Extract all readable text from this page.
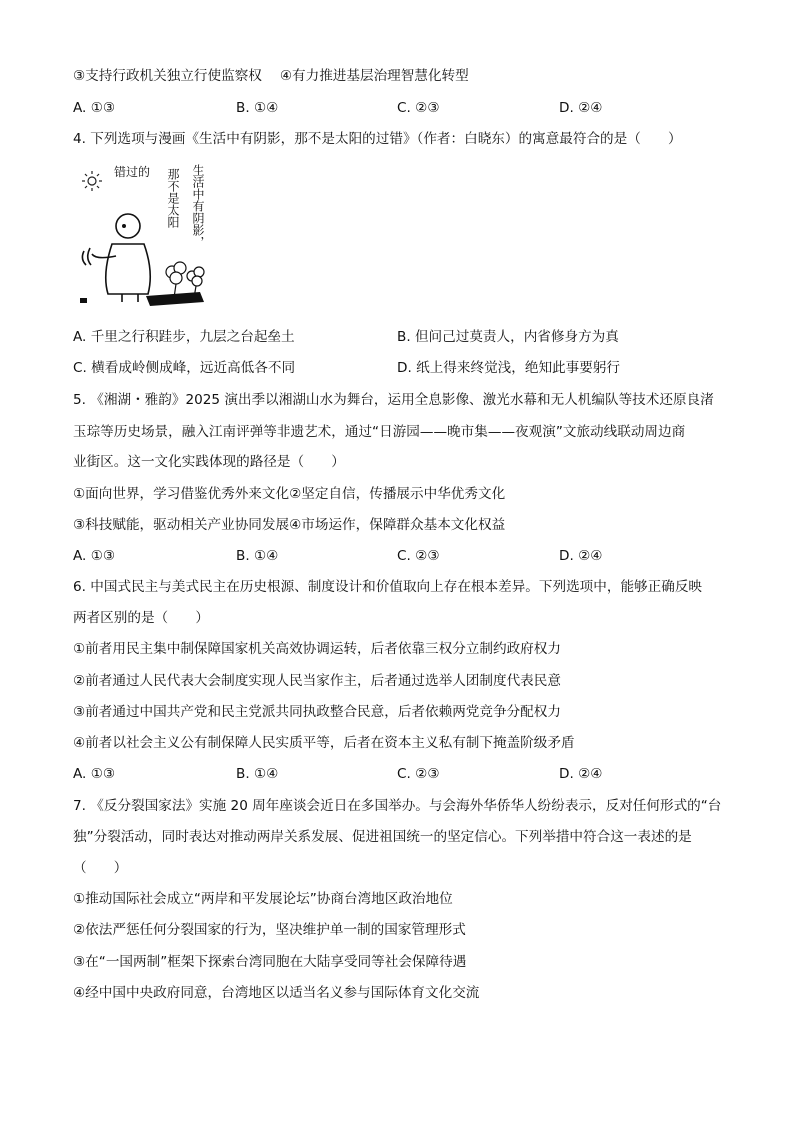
③支持行政机关独立行使监察权　 ④有力推进基层治理智慧化转型
A. ①③	B. ①④	C. ②③	D. ②④
4. 下列选项与漫画《生活中有阴影，那不是太阳的过错》（作者：白晓东）的寓意最符合的是（　　）
错过的 那不是太阳 生活中有阴影，
A. 千里之行积跬步，九层之台起垒土	B. 但问己过莫责人，内省修身方为真
C. 横看成岭侧成峰，远近高低各不同	D. 纸上得来终觉浅，绝知此事要躬行
5. 《湘湖・雅韵》2025 演出季以湘湖山水为舞台，运用全息影像、激光水幕和无人机编队等技术还原良渚
玉琮等历史场景，融入江南评弹等非遗艺术，通过“日游园——晚市集——夜观演”文旅动线联动周边商
业街区。这一文化实践体现的路径是（　　）
①面向世界，学习借鉴优秀外来文化②坚定自信，传播展示中华优秀文化
③科技赋能，驱动相关产业协同发展④市场运作，保障群众基本文化权益
A. ①③	B. ①④	C. ②③	D. ②④
6. 中国式民主与美式民主在历史根源、制度设计和价值取向上存在根本差异。下列选项中，能够正确反映
两者区别的是（　　）
①前者用民主集中制保障国家机关高效协调运转，后者依靠三权分立制约政府权力
②前者通过人民代表大会制度实现人民当家作主，后者通过选举人团制度代表民意
③前者通过中国共产党和民主党派共同执政整合民意，后者依赖两党竞争分配权力
④前者以社会主义公有制保障人民实质平等，后者在资本主义私有制下掩盖阶级矛盾
A. ①③	B. ①④	C. ②③	D. ②④
7. 《反分裂国家法》实施 20 周年座谈会近日在多国举办。与会海外华侨华人纷纷表示，反对任何形式的“台
独”分裂活动，同时表达对推动两岸关系发展、促进祖国统一的坚定信心。下列举措中符合这一表述的是
（　　）
①推动国际社会成立“两岸和平发展论坛”协商台湾地区政治地位
②依法严惩任何分裂国家的行为，坚决维护单一制的国家管理形式
③在“一国两制”框架下探索台湾同胞在大陆享受同等社会保障待遇
④经中国中央政府同意，台湾地区以适当名义参与国际体育文化交流
